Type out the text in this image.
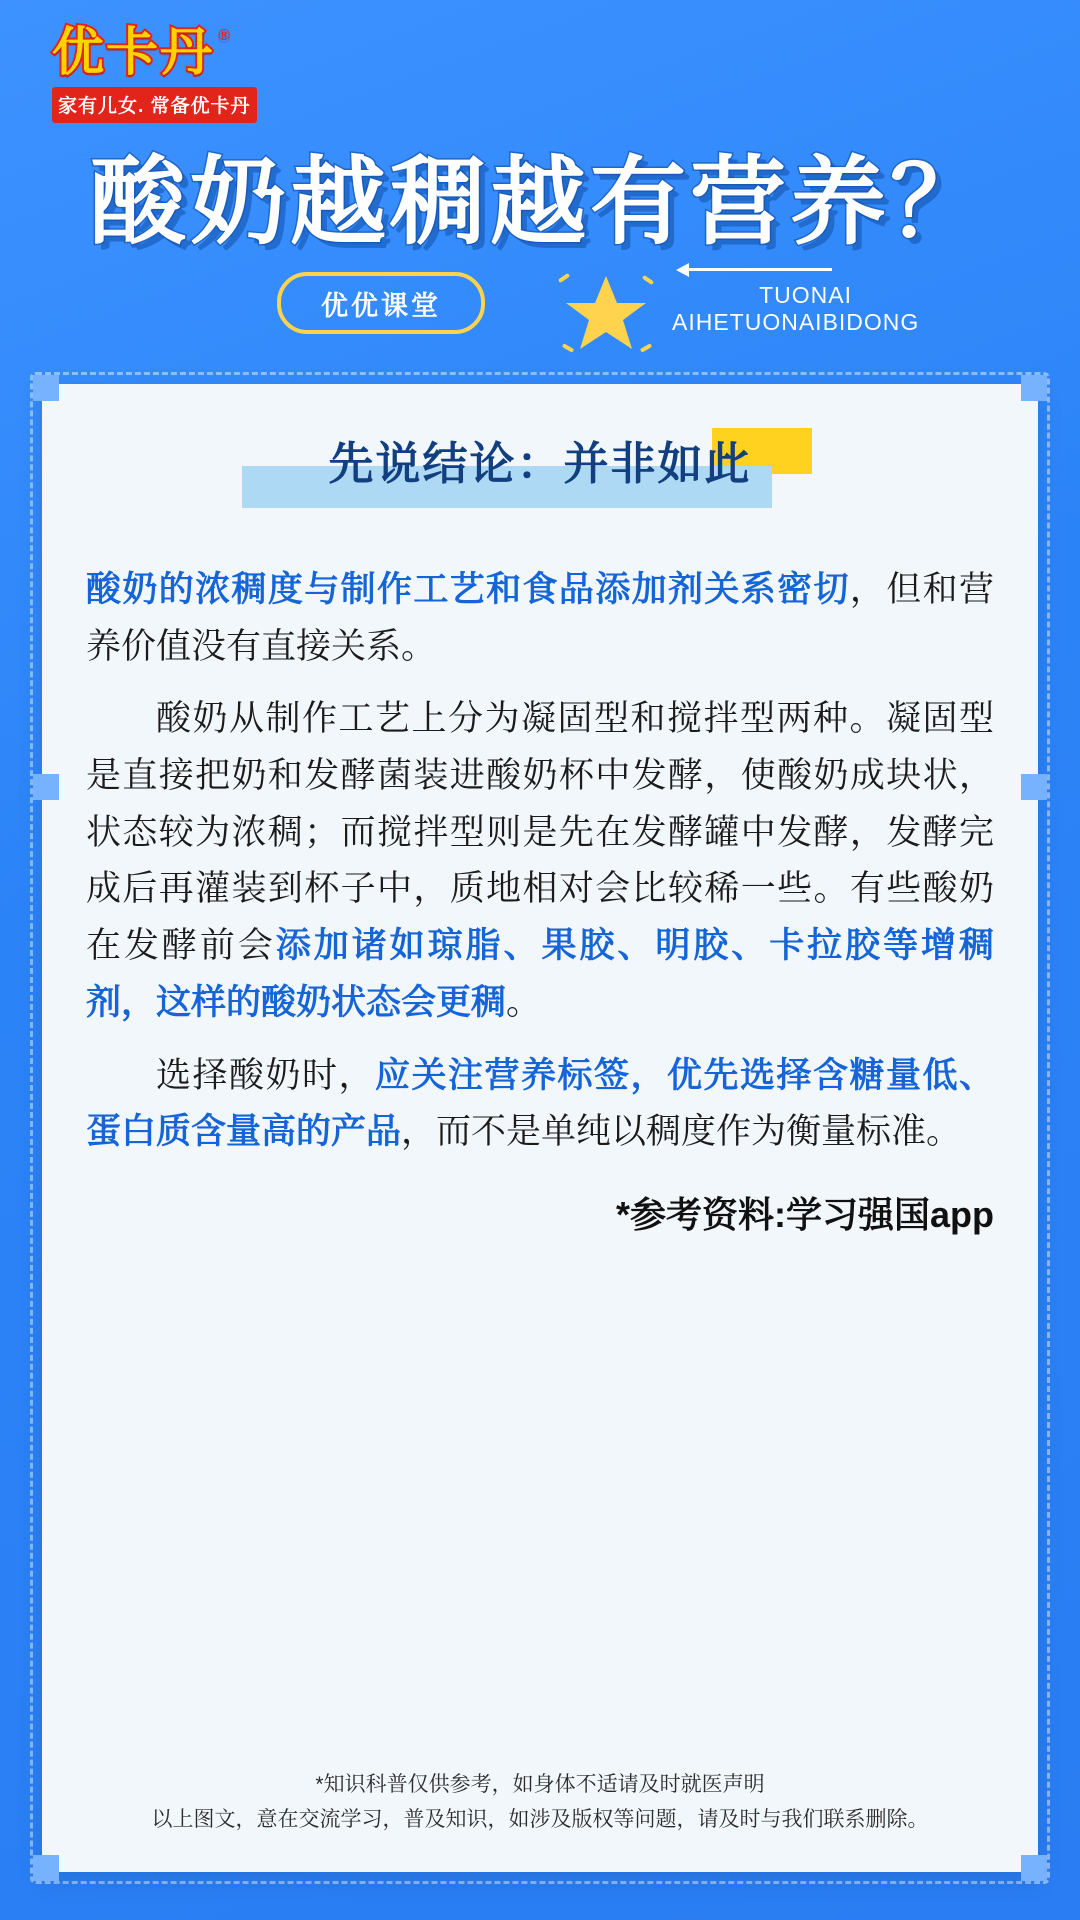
优卡丹 ®
家有儿女. 常备优卡丹
酸奶越稠越有营养？
优优课堂	TUONAI
AIHETUONAIBIDONG
先说结论：并非如此

酸奶的浓稠度与制作工艺和食品添加剂关系密切，但和营养价值没有直接关系。

酸奶从制作工艺上分为凝固型和搅拌型两种。凝固型是直接把奶和发酵菌装进酸奶杯中发酵，使酸奶成块状，状态较为浓稠；而搅拌型则是先在发酵罐中发酵，发酵完成后再灌装到杯子中，质地相对会比较稀一些。有些酸奶在发酵前会添加诸如琼脂、果胶、明胶、卡拉胶等增稠剂，这样的酸奶状态会更稠。

选择酸奶时，应关注营养标签，优先选择含糖量低、蛋白质含量高的产品，而不是单纯以稠度作为衡量标准。

*参考资料:学习强国app
*知识科普仅供参考，如身体不适请及时就医声明
以上图文，意在交流学习，普及知识，如涉及版权等问题，请及时与我们联系删除。
